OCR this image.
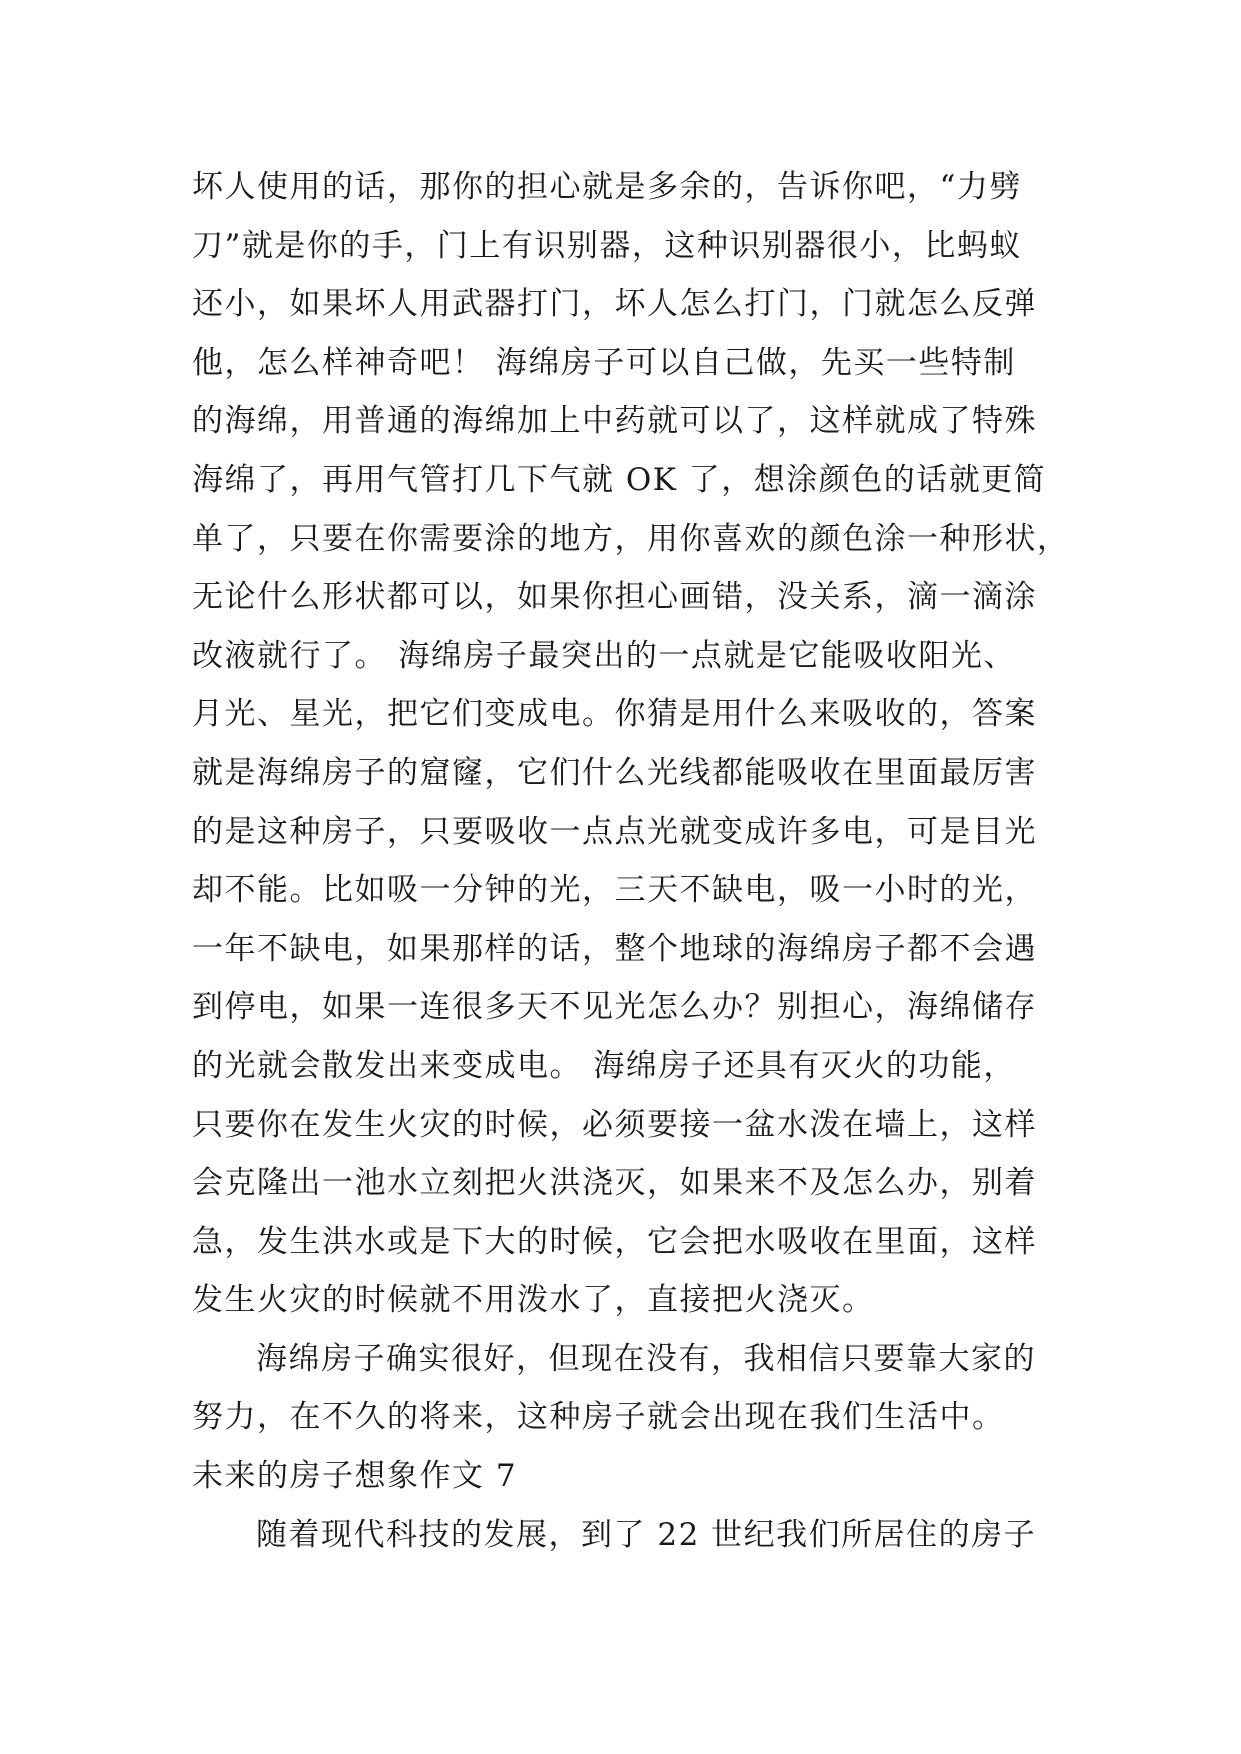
坏人使用的话，那你的担心就是多余的，告诉你吧，“力劈
刀”就是你的手，门上有识别器，这种识别器很小，比蚂蚁
还小，如果坏人用武器打门，坏人怎么打门，门就怎么反弹
他，怎么样神奇吧！ 海绵房子可以自己做，先买一些特制
的海绵，用普通的海绵加上中药就可以了，这样就成了特殊
海绵了，再用气管打几下气就 OK 了，想涂颜色的话就更简
单了，只要在你需要涂的地方，用你喜欢的颜色涂一种形状，
无论什么形状都可以，如果你担心画错，没关系，滴一滴涂
改液就行了。 海绵房子最突出的一点就是它能吸收阳光、
月光、星光，把它们变成电。你猜是用什么来吸收的，答案
就是海绵房子的窟窿，它们什么光线都能吸收在里面最厉害
的是这种房子，只要吸收一点点光就变成许多电，可是目光
却不能。比如吸一分钟的光，三天不缺电，吸一小时的光，
一年不缺电，如果那样的话，整个地球的海绵房子都不会遇
到停电，如果一连很多天不见光怎么办？别担心，海绵储存
的光就会散发出来变成电。 海绵房子还具有灭火的功能，
只要你在发生火灾的时候，必须要接一盆水泼在墙上，这样
会克隆出一池水立刻把火洪浇灭，如果来不及怎么办，别着
急，发生洪水或是下大的时候，它会把水吸收在里面，这样
发生火灾的时候就不用泼水了，直接把火浇灭。
海绵房子确实很好，但现在没有，我相信只要靠大家的
努力，在不久的将来，这种房子就会出现在我们生活中。
未来的房子想象作文 7
随着现代科技的发展，到了 22 世纪我们所居住的房子
